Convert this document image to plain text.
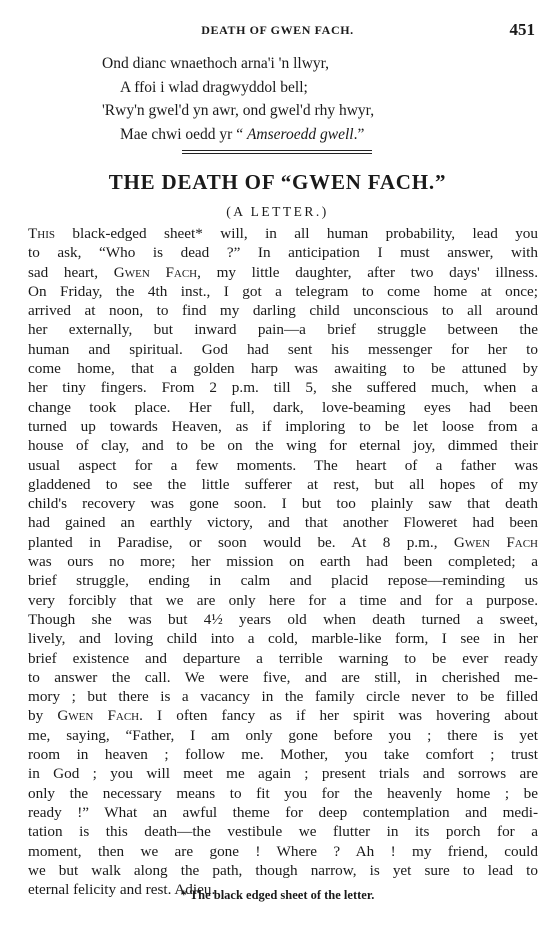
DEATH OF GWEN FACH.	451
Ond dianc wnaethoch arna'i 'n llwyr,
A ffoi i wlad dragwyddol bell;
'Rwy'n gwel'd yn awr, ond gwel'd rhy hwyr,
Mae chwi oedd yr “ Amseroedd gwell.”
THE DEATH OF “GWEN FACH.”
(A LETTER.)
This black-edged sheet* will, in all human probability, lead you
to ask, “Who is dead ?” In anticipation I must answer, with
sad heart, Gwen Fach, my little daughter, after two days' illness.
On Friday, the 4th inst., I got a telegram to come home at once;
arrived at noon, to find my darling child unconscious to all around
her externally, but inward pain—a brief struggle between the
human and spiritual. God had sent his messenger for her to
come home, that a golden harp was awaiting to be attuned by
her tiny fingers. From 2 p.m. till 5, she suffered much, when a
change took place. Her full, dark, love-beaming eyes had been
turned up towards Heaven, as if imploring to be let loose from a
house of clay, and to be on the wing for eternal joy, dimmed their
usual aspect for a few moments. The heart of a father was
gladdened to see the little sufferer at rest, but all hopes of my
child's recovery was gone soon. I but too plainly saw that death
had gained an earthly victory, and that another Floweret had been
planted in Paradise, or soon would be. At 8 p.m., Gwen Fach
was ours no more; her mission on earth had been completed; a
brief struggle, ending in calm and placid repose—reminding us
very forcibly that we are only here for a time and for a purpose.
Though she was but 4½ years old when death turned a sweet,
lively, and loving child into a cold, marble-like form, I see in her
brief existence and departure a terrible warning to be ever ready
to answer the call. We were five, and are still, in cherished me-
mory ; but there is a vacancy in the family circle never to be filled
by Gwen Fach. I often fancy as if her spirit was hovering about
me, saying, “Father, I am only gone before you ; there is yet
room in heaven ; follow me. Mother, you take comfort ; trust
in God ; you will meet me again ; present trials and sorrows are
only the necessary means to fit you for the heavenly home ; be
ready !” What an awful theme for deep contemplation and medi-
tation is this death—the vestibule we flutter in its porch for a
moment, then we are gone ! Where ? Ah ! my friend, could
we but walk along the path, though narrow, is yet sure to lead to
eternal felicity and rest. Adieu.
* The black edged sheet of the letter.
